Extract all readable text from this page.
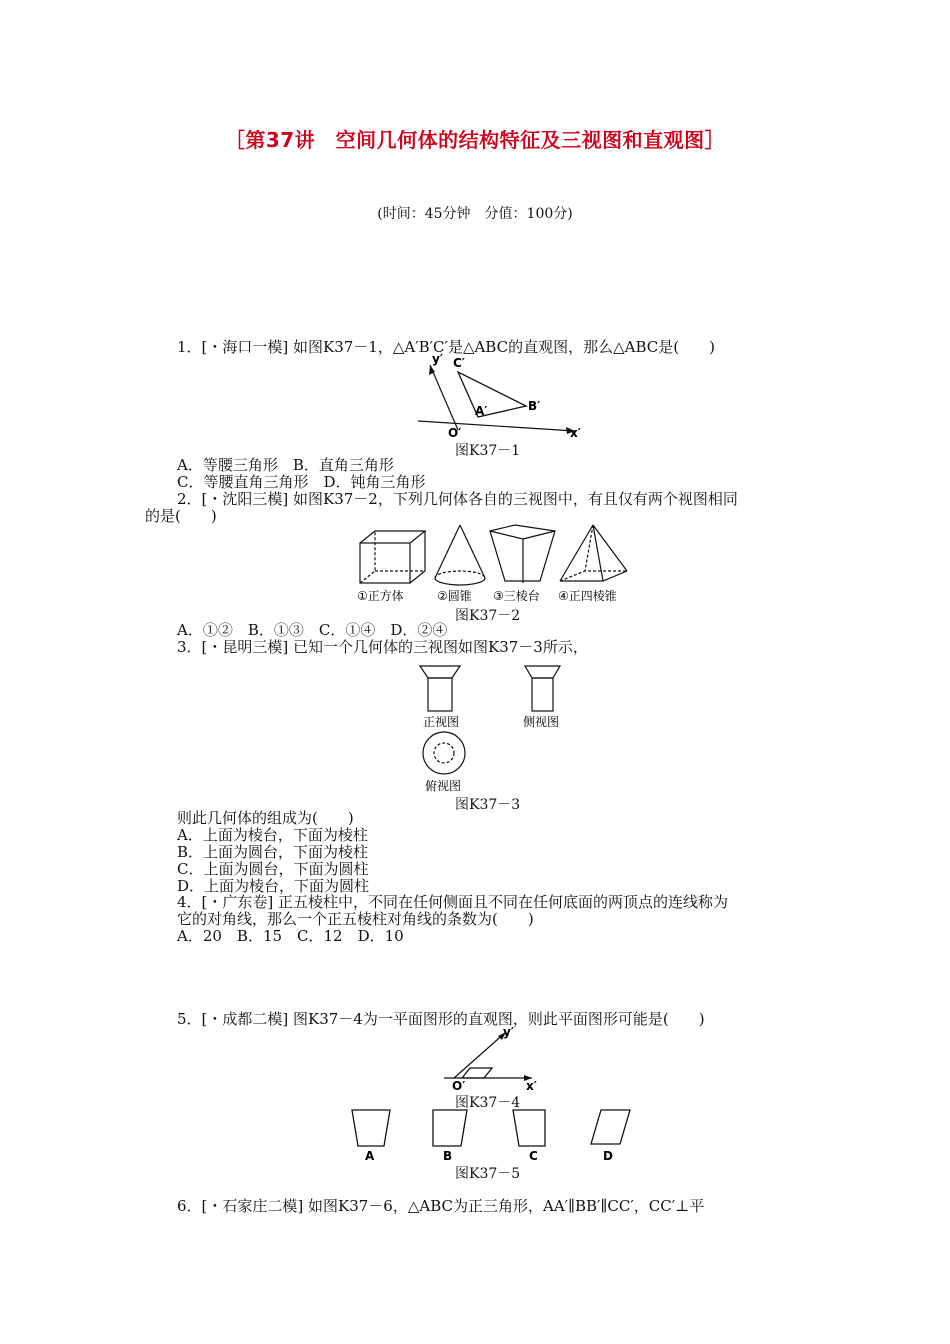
［第37讲　空间几何体的结构特征及三视图和直观图］
(时间：45分钟　分值：100分)
1．[・海口一模] 如图K37－1，△A′B′C′是△ABC的直观图，那么△ABC是(　　)
y′ C′
A′	B′
O′	x′
图K37－1
A．等腰三角形　B．直角三角形
C．等腰直角三角形　D．钝角三角形
2．[・沈阳三模] 如图K37－2，下列几何体各自的三视图中，有且仅有两个视图相同
的是(　　)
①正方体	②圆锥 ③三棱台 ④正四棱锥
图K37－2
A．①②　B．①③　C．①④　D．②④
3．[・昆明三模] 已知一个几何体的三视图如图K37－3所示，
正视图	侧视图
俯视图
图K37－3
则此几何体的组成为(　　)
A．上面为棱台，下面为棱柱
B．上面为圆台，下面为棱柱
C．上面为圆台，下面为圆柱
D．上面为棱台，下面为圆柱
4．[・广东卷] 正五棱柱中，不同在任何侧面且不同在任何底面的两顶点的连线称为
它的对角线，那么一个正五棱柱对角线的条数为(　　)
A．20　B．15　C．12　D．10
5．[・成都二模] 图K37－4为一平面图形的直观图，则此平面图形可能是(　　)
y′
O′	x′
图K37－4
A	B	C	D
图K37－5
6．[・石家庄二模] 如图K37－6，△ABC为正三角形，AA′∥BB′∥CC′，CC′⊥平
